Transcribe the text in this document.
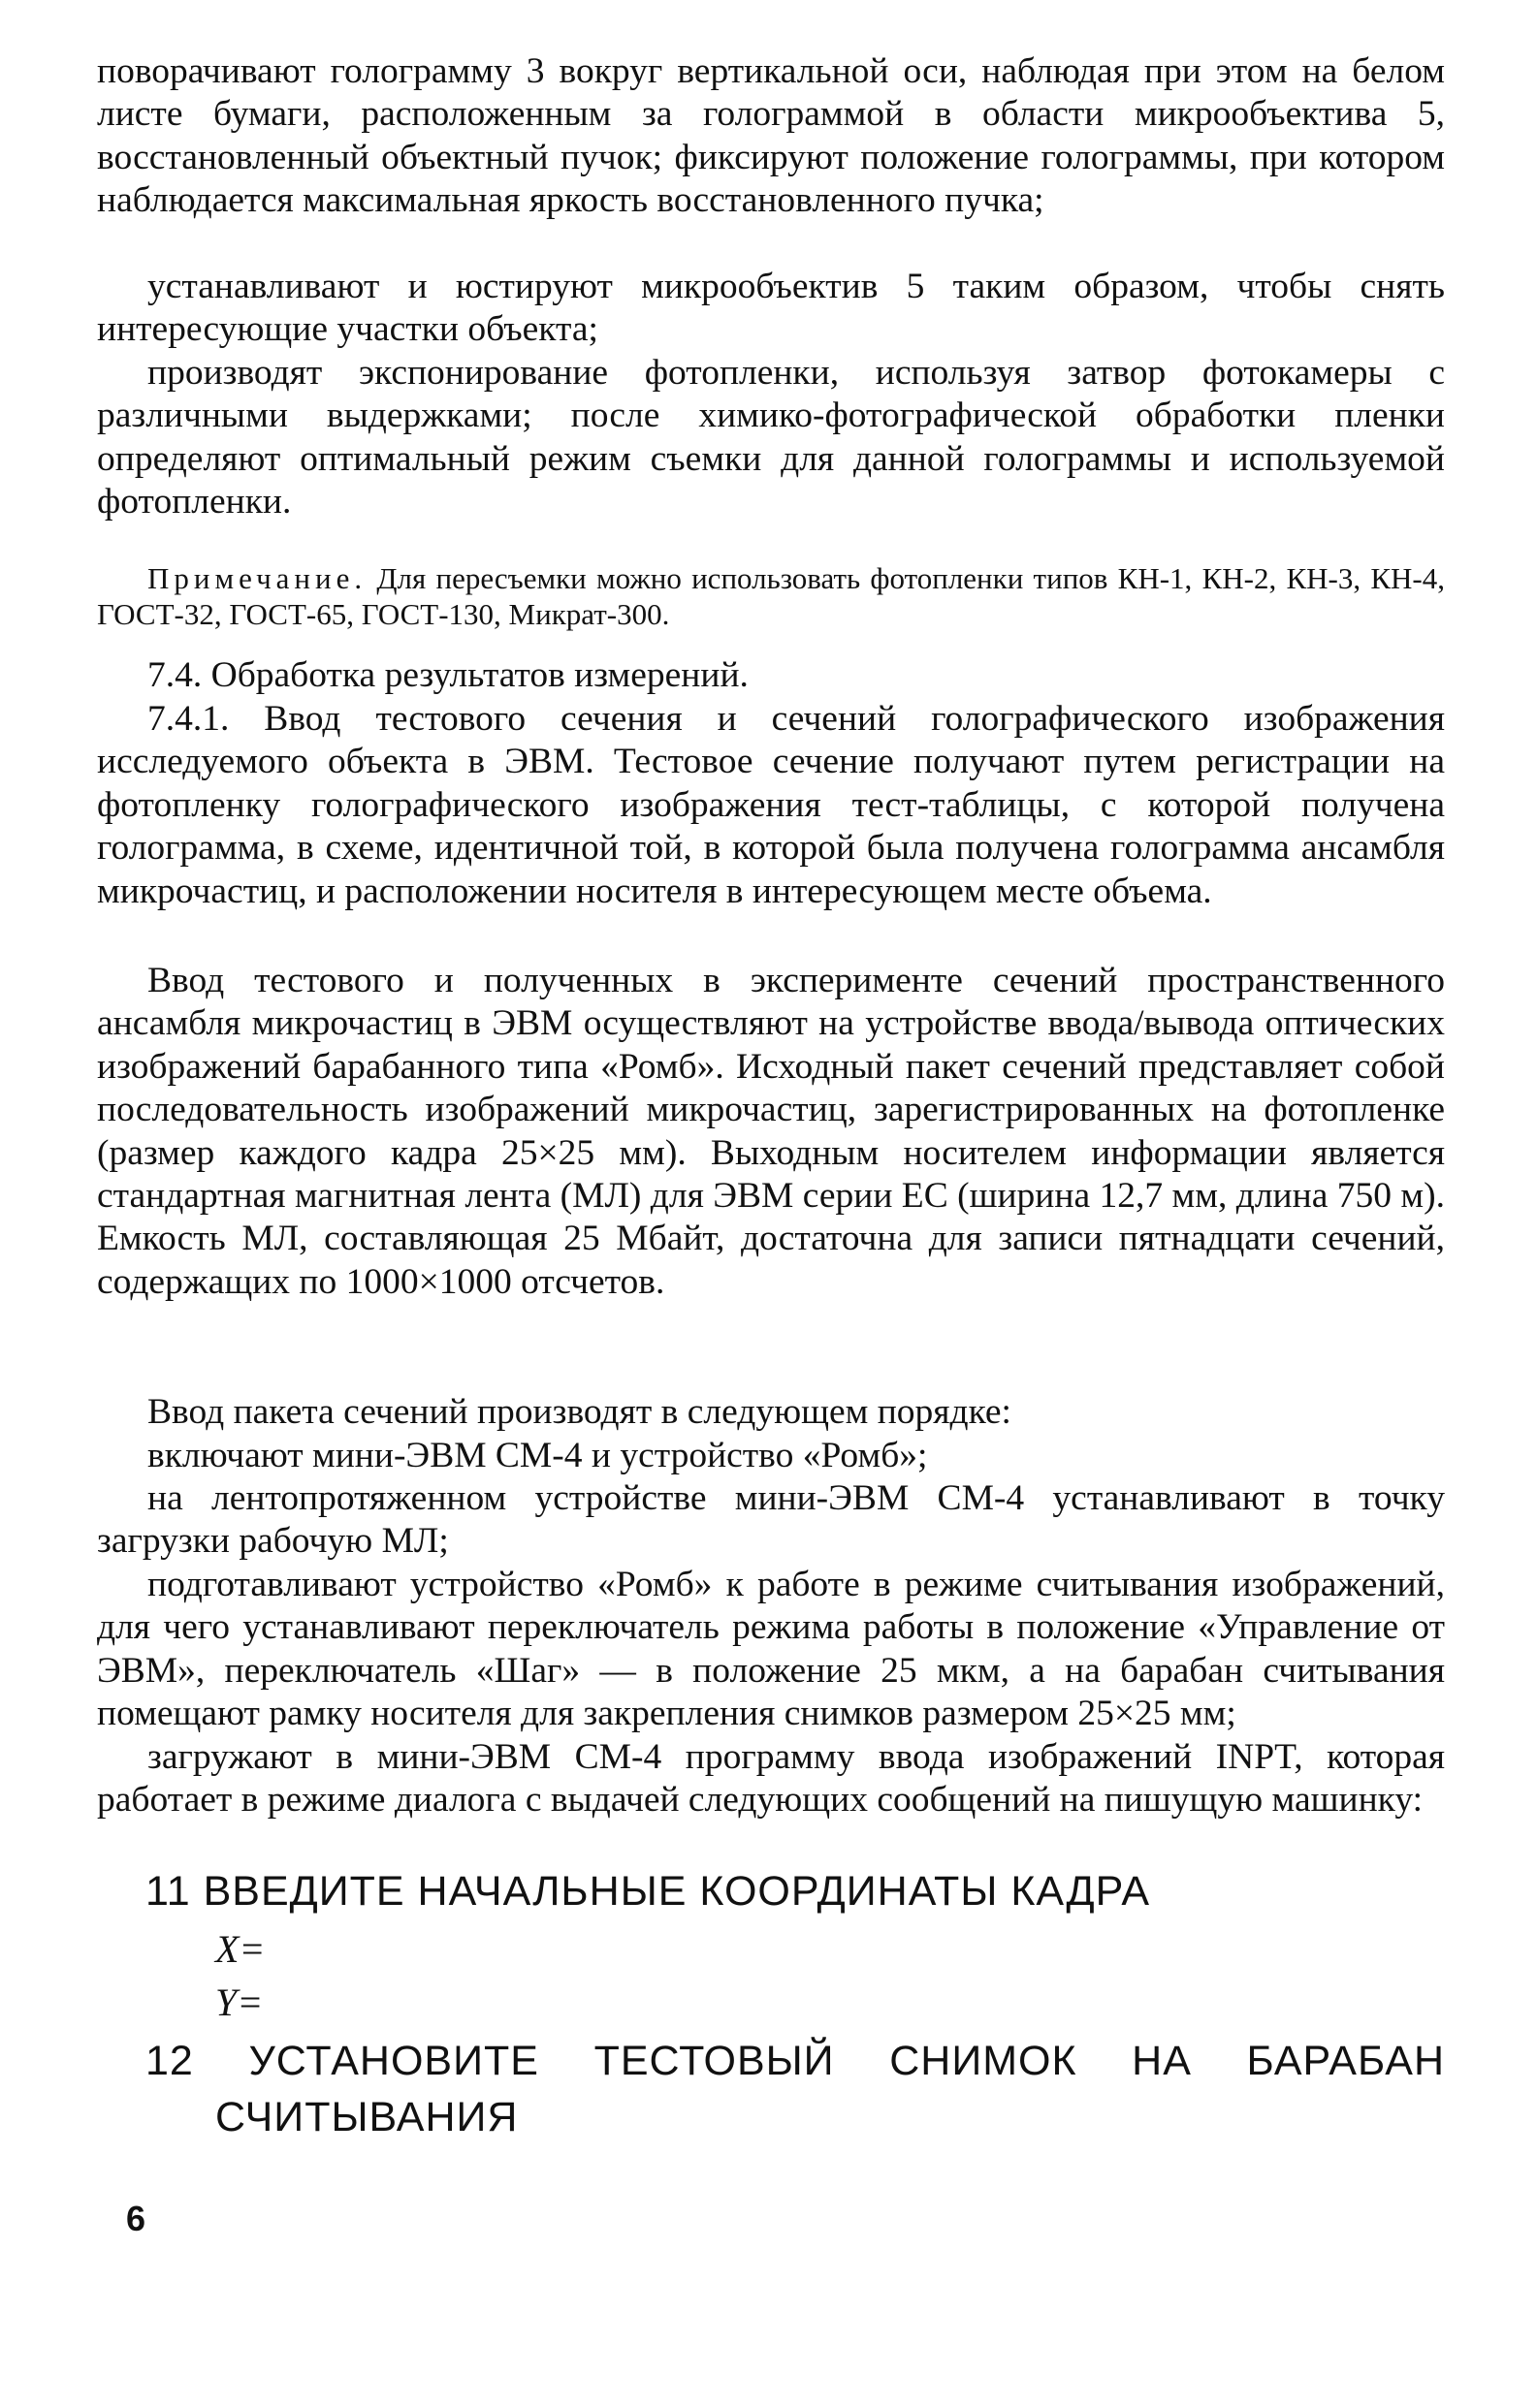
поворачивают голограмму 3 вокруг вертикальной оси, наблюдая при этом на белом листе бумаги, расположенным за голограммой в области микрообъектива 5, восстановленный объектный пучок; фиксируют положение голограммы, при котором наблюдается максимальная яркость восстановленного пучка;

устанавливают и юстируют микрообъектив 5 таким образом, чтобы снять интересующие участки объекта;

производят экспонирование фотопленки, используя затвор фотокамеры с различными выдержками; после химико-фотографической обработки пленки определяют оптимальный режим съемки для данной голограммы и используемой фотопленки.

Примечание. Для пересъемки можно использовать фотопленки типов КН-1, КН-2, КН-3, КН-4, ГОСТ-32, ГОСТ-65, ГОСТ-130, Микрат-300.

7.4. Обработка результатов измерений.

7.4.1. Ввод тестового сечения и сечений голографического изображения исследуемого объекта в ЭВМ. Тестовое сечение получают путем регистрации на фотопленку голографического изображения тест-таблицы, с которой получена голограмма, в схеме, идентичной той, в которой была получена голограмма ансамбля микрочастиц, и расположении носителя в интересующем месте объема.

Ввод тестового и полученных в эксперименте сечений пространственного ансамбля микрочастиц в ЭВМ осуществляют на устройстве ввода/вывода оптических изображений барабанного типа «Ромб». Исходный пакет сечений представляет собой последовательность изображений микрочастиц, зарегистрированных на фотопленке (размер каждого кадра 25×25 мм). Выходным носителем информации является стандартная магнитная лента (МЛ) для ЭВМ серии ЕС (ширина 12,7 мм, длина 750 м). Емкость МЛ, составляющая 25 Мбайт, достаточна для записи пятнадцати сечений, содержащих по 1000×1000 отсчетов.

Ввод пакета сечений производят в следующем порядке:

включают мини-ЭВМ СМ-4 и устройство «Ромб»;

на лентопротяженном устройстве мини-ЭВМ СМ-4 устанавливают в точку загрузки рабочую МЛ;

подготавливают устройство «Ромб» к работе в режиме считывания изображений, для чего устанавливают переключатель режима работы в положение «Управление от ЭВМ», переключатель «Шаг» — в положение 25 мкм, а на барабан считывания помещают рамку носителя для закрепления снимков размером 25×25 мм;

загружают в мини-ЭВМ СМ-4 программу ввода изображений INPT, которая работает в режиме диалога с выдачей следующих сообщений на пишущую машинку:

11 ВВЕДИТЕ НАЧАЛЬНЫЕ КООРДИНАТЫ КАДРА

X=

Y=

12 УСТАНОВИТЕ ТЕСТОВЫЙ СНИМОК НА БАРАБАН

СЧИТЫВАНИЯ

6
